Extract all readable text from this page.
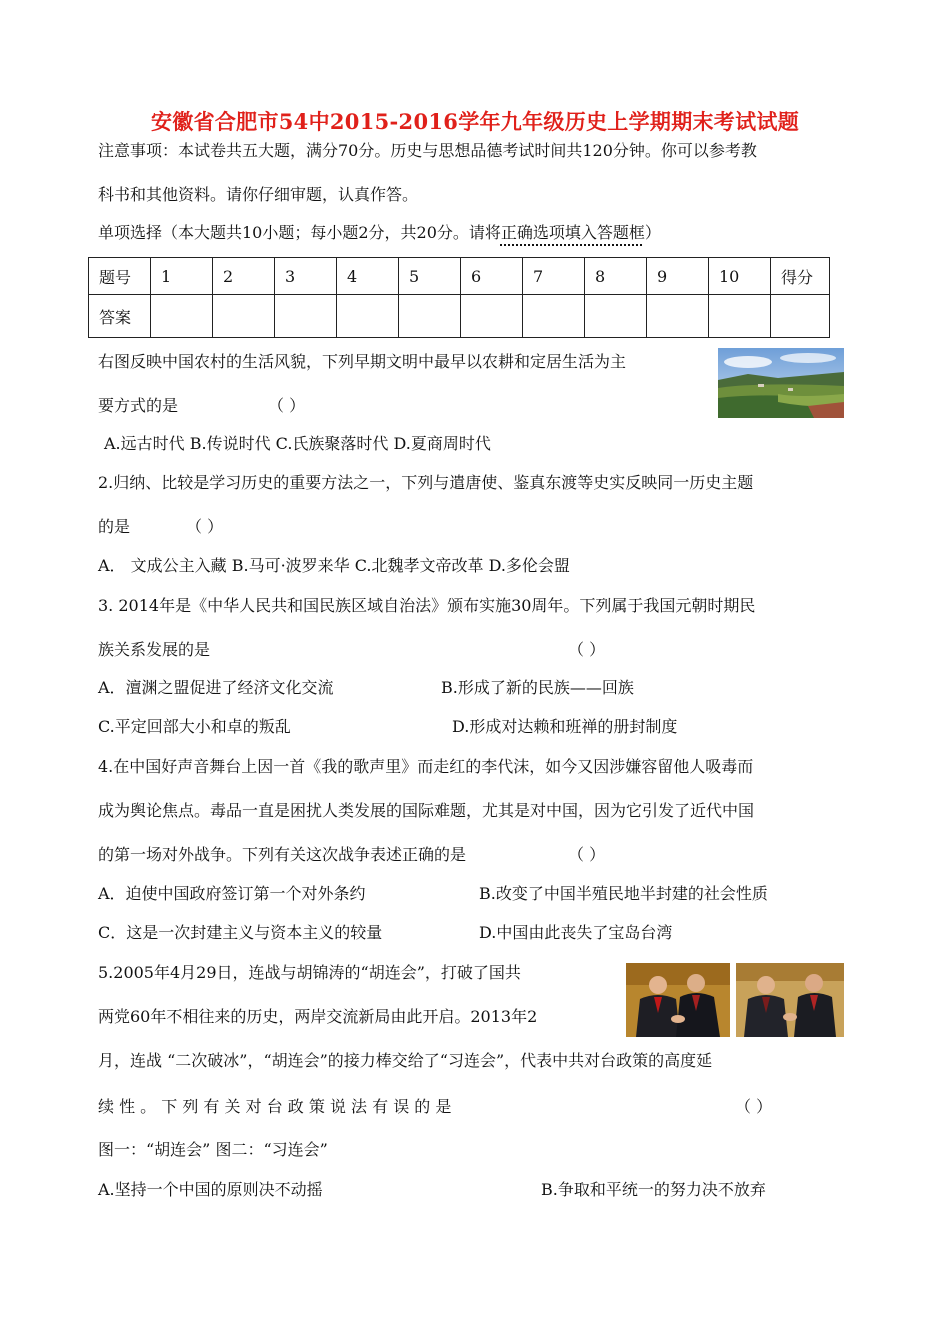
安徽省合肥市54中2015-2016学年九年级历史上学期期末考试试题
注意事项：本试卷共五大题，满分70分。历史与思想品德考试时间共120分钟。你可以参考教
科书和其他资料。请你仔细审题，认真作答。
单项选择（本大题共10小题；每小题2分，共20分。请将正确选项填入答题框）
题号	1	2	3	4	5	6	7	8	9	10	得分
答案											
右图反映中国农村的生活风貌，下列早期文明中最早以农耕和定居生活为主
要方式的是	（ ）
A.远古时代 B.传说时代 C.氏族聚落时代 D.夏商周时代
2.归纳、比较是学习历史的重要方法之一，下列与遣唐使、鉴真东渡等史实反映同一历史主题
的是	（ ）
A． 文成公主入藏 B.马可·波罗来华 C.北魏孝文帝改革 D.多伦会盟
3. 2014年是《中华人民共和国民族区域自治法》颁布实施30周年。下列属于我国元朝时期民
族关系发展的是	（ ）
A．澶渊之盟促进了经济文化交流	B.形成了新的民族——回族
C.平定回部大小和卓的叛乱	D.形成对达赖和班禅的册封制度
4.在中国好声音舞台上因一首《我的歌声里》而走红的李代沫，如今又因涉嫌容留他人吸毒而
成为舆论焦点。毒品一直是困扰人类发展的国际难题，尤其是对中国，因为它引发了近代中国
的第一场对外战争。下列有关这次战争表述正确的是	（ ）
A．迫使中国政府签订第一个对外条约	B.改变了中国半殖民地半封建的社会性质
C．这是一次封建主义与资本主义的较量	D.中国由此丧失了宝岛台湾
5.2005年4月29日，连战与胡锦涛的“胡连会”，打破了国共
两党60年不相往来的历史，两岸交流新局由此开启。2013年2
月，连战 “二次破冰”，“胡连会”的接力棒交给了“习连会”，代表中共对台政策的高度延
续 性 。 下 列 有 关 对 台 政 策 说 法 有 误 的 是	（ ）
图一：“胡连会” 图二：“习连会”
A.坚持一个中国的原则决不动摇	B.争取和平统一的努力决不放弃
